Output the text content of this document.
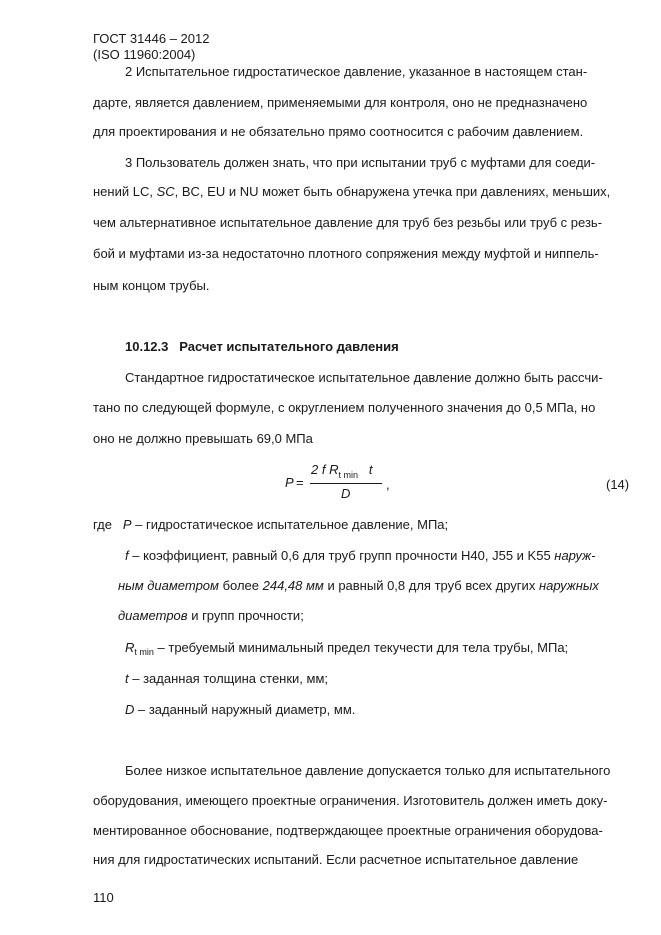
ГОСТ 31446 – 2012
(ISO 11960:2004)
2 Испытательное гидростатическое давление, указанное в настоящем стан-
дарте, является давлением, применяемыми для контроля, оно не предназначено
для проектирования и не обязательно прямо соотносится с рабочим давлением.
3 Пользователь должен знать, что при испытании труб с муфтами для соеди-
нений LC, SC, BC, EU и NU может быть обнаружена утечка при давлениях, меньших,
чем альтернативное испытательное давление для труб без резьбы или труб с резь-
бой и муфтами из-за недостаточно плотного сопряжения между муфтой и ниппель-
ным концом трубы.
10.12.3 Расчет испытательного давления
Стандартное гидростатическое испытательное давление должно быть рассчи-
тано по следующей формуле, с округлением полученного значения до 0,5 МПа, но
оно не должно превышать 69,0 МПа
P =
2 f $R_{t min}$ t
D
,	(14)
где P – гидростатическое испытательное давление, МПа;
f – коэффициент, равный 0,6 для труб групп прочности Н40, J55 и K55 наруж-
ным диаметром более 244,48 мм и равный 0,8 для труб всех других наружных
диаметров и групп прочности;
$R_{t min}$ – требуемый минимальный предел текучести для тела трубы, МПа;
t – заданная толщина стенки, мм;
D – заданный наружный диаметр, мм.
Более низкое испытательное давление допускается только для испытательного
оборудования, имеющего проектные ограничения. Изготовитель должен иметь доку-
ментированное обоснование, подтверждающее проектные ограничения оборудова-
ния для гидростатических испытаний. Если расчетное испытательное давление
110
